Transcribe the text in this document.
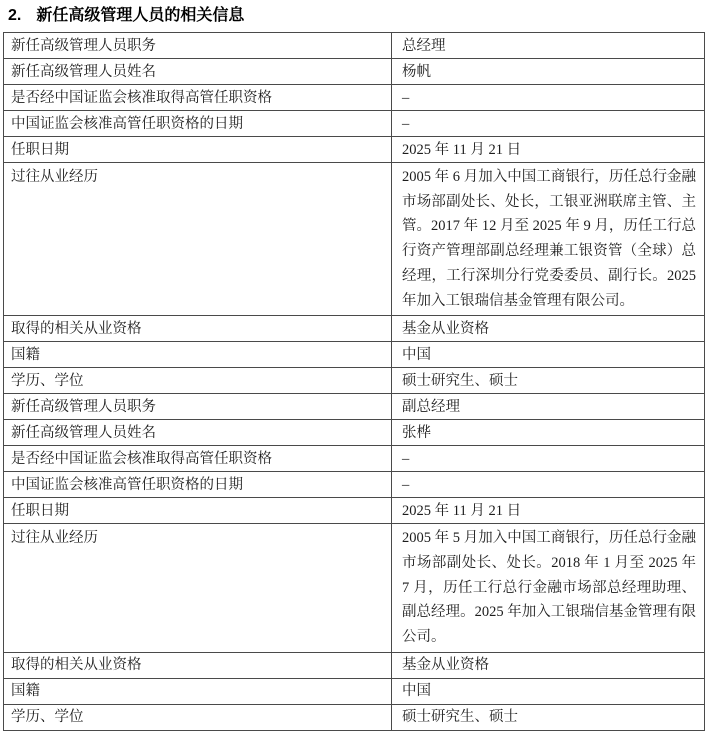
2. 新任高级管理人员的相关信息
新任高级管理人员职务	总经理
新任高级管理人员姓名	杨帆
是否经中国证监会核准取得高管任职资格	–
中国证监会核准高管任职资格的日期	–
任职日期	2025 年 11 月 21 日
过往从业经历	2005 年 6 月加入中国工商银行，历任总行金融市场部副处长、处长，工银亚洲联席主管、主管。2017 年 12 月至 2025 年 9 月，历任工行总行资产管理部副总经理兼工银资管（全球）总经理，工行深圳分行党委委员、副行长。2025 年加入工银瑞信基金管理有限公司。
取得的相关从业资格	基金从业资格
国籍	中国
学历、学位	硕士研究生、硕士
新任高级管理人员职务	副总经理
新任高级管理人员姓名	张桦
是否经中国证监会核准取得高管任职资格	–
中国证监会核准高管任职资格的日期	–
任职日期	2025 年 11 月 21 日
过往从业经历	2005 年 5 月加入中国工商银行，历任总行金融市场部副处长、处长。2018 年 1 月至 2025 年 7 月，历任工行总行金融市场部总经理助理、副总经理。2025 年加入工银瑞信基金管理有限公司。
取得的相关从业资格	基金从业资格
国籍	中国
学历、学位	硕士研究生、硕士
